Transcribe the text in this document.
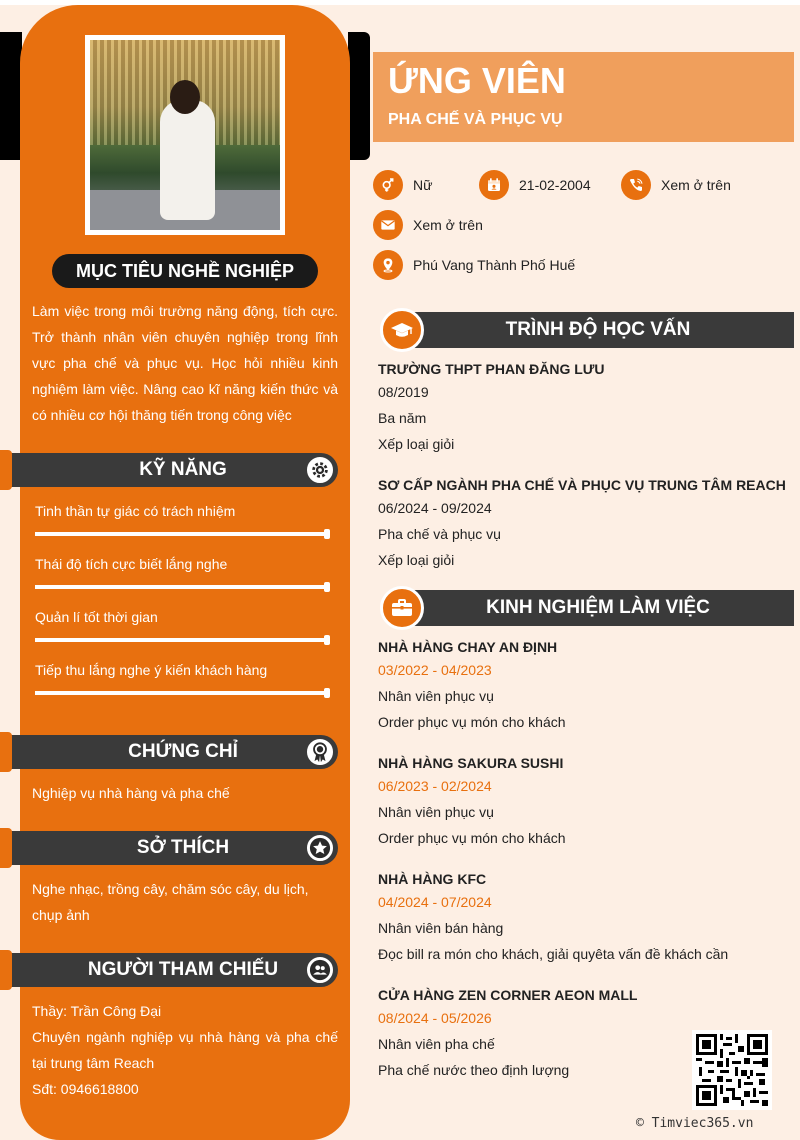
MỤC TIÊU NGHỀ NGHIỆP
Làm việc trong môi trường năng động, tích cực. Trở thành nhân viên chuyên nghiệp trong lĩnh vực pha chế và phục vụ. Học hỏi nhiều kinh nghiệm làm việc. Nâng cao kĩ năng kiến thức và có nhiều cơ hội thăng tiến trong công việc
KỸ NĂNG
Tinh thần tự giác có trách nhiệm
Thái độ tích cực biết lắng nghe
Quản lí tốt thời gian
Tiếp thu lắng nghe ý kiến khách hàng
CHỨNG CHỈ
Nghiệp vụ nhà hàng và pha chế
SỞ THÍCH
Nghe nhạc, trồng cây, chăm sóc cây, du lịch, chụp ảnh
NGƯỜI THAM CHIẾU
Thầy: Trần Công Đại
Chuyên ngành nghiệp vụ nhà hàng và pha chế tại trung tâm Reach
Sđt: 0946618800
ỨNG VIÊN
PHA CHẾ VÀ PHỤC VỤ
Nữ	21-02-2004	Xem ở trên
Xem ở trên
Phú Vang Thành Phố Huế
TRÌNH ĐỘ HỌC VẤN
TRƯỜNG THPT PHAN ĐĂNG LƯU
08/2019
Ba năm
Xếp loại giỏi
SƠ CẤP NGÀNH PHA CHẾ VÀ PHỤC VỤ TRUNG TÂM REACH
06/2024 - 09/2024
Pha chế và phục vụ
Xếp loại giỏi
KINH NGHIỆM LÀM VIỆC
NHÀ HÀNG CHAY AN ĐỊNH
03/2022 - 04/2023
Nhân viên phục vụ
Order phục vụ món cho khách
NHÀ HÀNG SAKURA SUSHI
06/2023 - 02/2024
Nhân viên phục vụ
Order phục vụ món cho khách
NHÀ HÀNG KFC
04/2024 - 07/2024
Nhân viên bán hàng
Đọc bill ra món cho khách, giải quyêta vấn đề khách cần
CỬA HÀNG ZEN CORNER AEON MALL
08/2024 - 05/2026
Nhân viên pha chế
Pha chế nước theo định lượng
© Timviec365.vn
